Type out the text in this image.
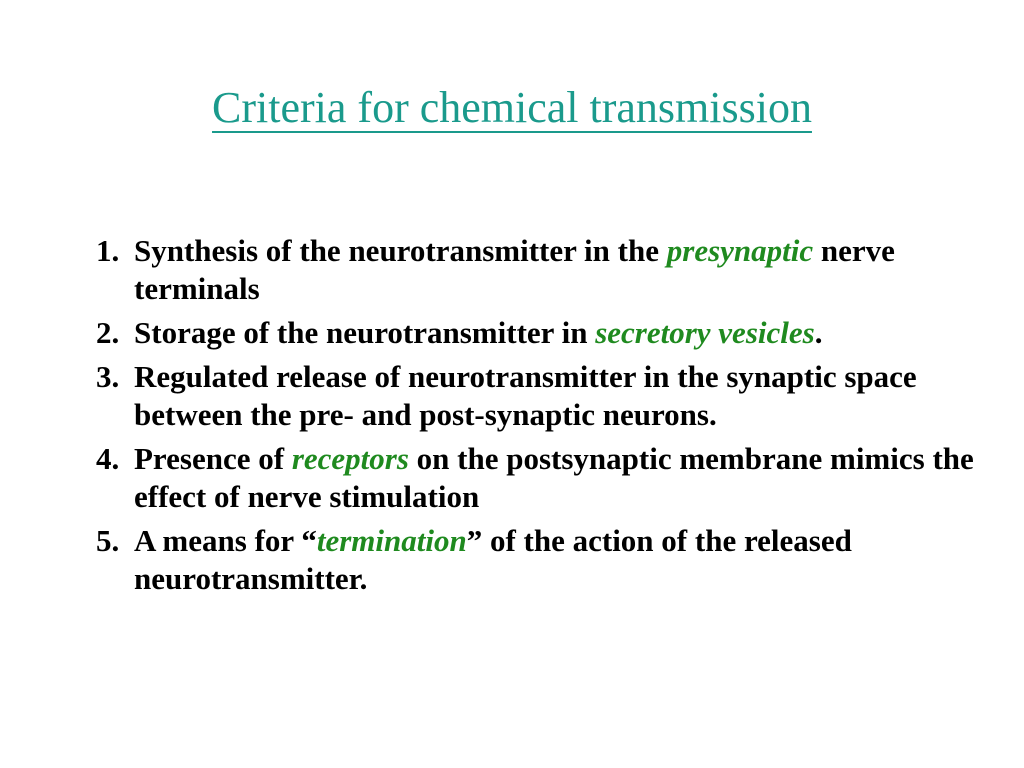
Criteria for chemical transmission
1. Synthesis of the neurotransmitter in the presynaptic nerve terminals
2. Storage of the neurotransmitter in secretory vesicles.
3. Regulated release of neurotransmitter in the synaptic space between the pre- and post-synaptic neurons.
4. Presence of receptors on the postsynaptic membrane mimics the effect of nerve stimulation
5. A means for “termination” of the action of the released neurotransmitter.
